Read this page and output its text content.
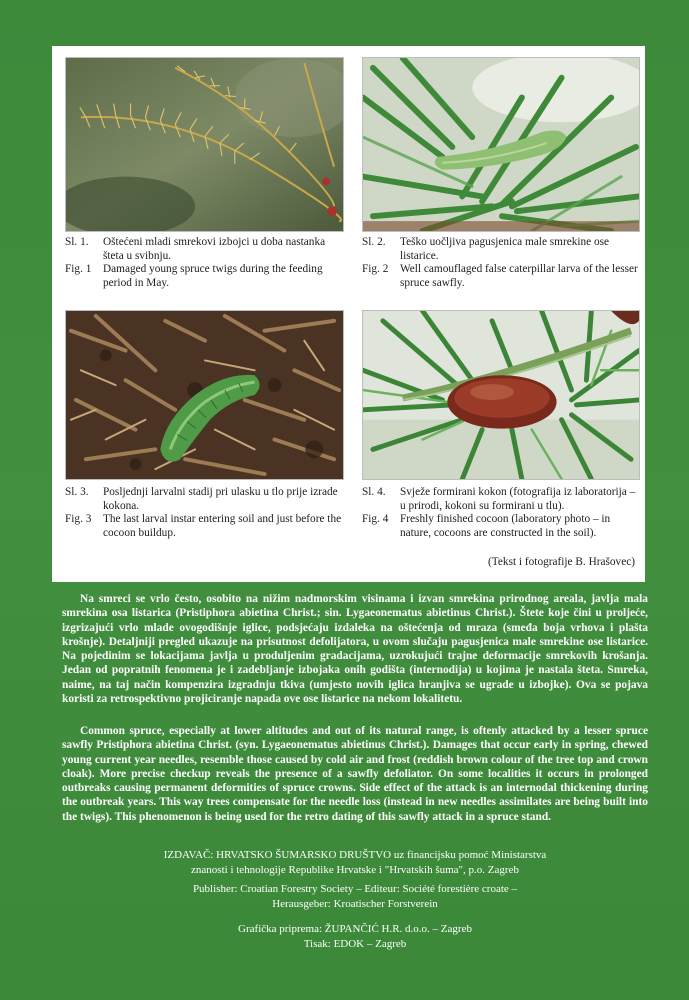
Sl. 1.	Oštećeni mladi smrekovi izbojci u doba nastanka šteta u svibnju.
Fig. 1	Damaged young spruce twigs during the feeding period in May.
Sl. 2.	Teško uočljiva pagusjenica male smrekine ose listarice.
Fig. 2	Well camouflaged false caterpillar larva of the lesser spruce sawfly.
Sl. 3.	Posljednji larvalni stadij pri ulasku u tlo prije izrade kokona.
Fig. 3	The last larval instar entering soil and just before the cocoon buildup.
Sl. 4.	Svježe formirani kokon (fotografija iz laboratorija – u prirodi, kokoni su formirani u tlu).
Fig. 4	Freshly finished cocoon (laboratory photo – in nature, cocoons are constructed in the soil).
(Tekst i fotografije B. Hrašovec)

Na smreci se vrlo često, osobito na nižim nadmorskim visinama i izvan smrekina prirodnog areala, javlja mala smrekina osa listarica (Pristiphora abietina Christ.; sin. Lygaeonematus abietinus Christ.). Štete koje čini u proljeće, izgrizajući vrlo mlade ovogodišnje iglice, podsjećaju izdaleka na oštećenja od mraza (smeđa boja vrhova i plašta krošnje). Detaljniji pregled ukazuje na prisutnost defolijatora, u ovom slučaju pagusjenica male smrekine ose listarice. Na pojedinim se lokacijama javlja u produljenim gradacijama, uzrokujući trajne deformacije smrekovih krošanja. Jedan od popratnih fenomena je i zadebljanje izbojaka onih godišta (internodija) u kojima je nastala šteta. Smreka, naime, na taj način kompenzira izgradnju tkiva (umjesto novih iglica hranjiva se ugrade u izbojke). Ova se pojava koristi za retrospektivno projiciranje napada ove ose listarice na nekom lokalitetu.

Common spruce, especially at lower altitudes and out of its natural range, is oftenly attacked by a lesser spruce sawfly Pristiphora abietina Christ. (syn. Lygaeonematus abietinus Christ.). Damages that occur early in spring, chewed young current year needles, resemble those caused by cold air and frost (reddish brown colour of the tree top and crown cloak). More precise checkup reveals the presence of a sawfly defoliator. On some localities it occurs in prolonged outbreaks causing permanent deformities of spruce crowns. Side effect of the attack is an internodal thickening during the outbreak years. This way trees compensate for the needle loss (instead in new needles assimilates are being built into the twigs). This phenomenon is being used for the retro dating of this sawfly attack in a spruce stand.

IZDAVAČ: HRVATSKO ŠUMARSKO DRUŠTVO uz financijsku pomoć Ministarstva
znanosti i tehnologije Republike Hrvatske i "Hrvatskih šuma", p.o. Zagreb
Publisher: Croatian Forestry Society – Editeur: Société forestière croate –
Herausgeber: Kroatischer Forstverein
Grafička priprema: ŽUPANČIĆ H.R. d.o.o. – Zagreb
Tisak: EDOK – Zagreb
